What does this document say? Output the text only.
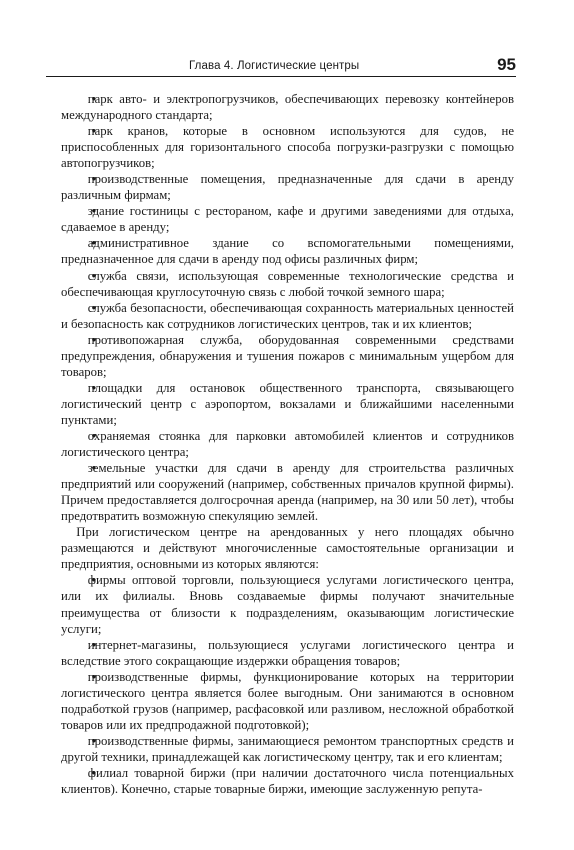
Глава 4. Логистические центры	95

• парк авто- и электропогрузчиков, обеспечивающих перевозку контейнеров международного стандарта;

• парк кранов, которые в основном используются для судов, не приспособленных для горизонтального способа погрузки-разгрузки с помощью автопогрузчиков;

• производственные помещения, предназначенные для сдачи в аренду различным фирмам;

• здание гостиницы с рестораном, кафе и другими заведениями для отдыха, сдаваемое в аренду;

• административное здание со вспомогательными помещениями, предназначенное для сдачи в аренду под офисы различных фирм;

• служба связи, использующая современные технологические средства и обеспечивающая круглосуточную связь с любой точкой земного шара;

• служба безопасности, обеспечивающая сохранность материальных ценностей и безопасность как сотрудников логистических центров, так и их клиентов;

• противопожарная служба, оборудованная современными средствами предупреждения, обнаружения и тушения пожаров с минимальным ущербом для товаров;

• площадки для остановок общественного транспорта, связывающего логистический центр с аэропортом, вокзалами и ближайшими населенными пунктами;

• охраняемая стоянка для парковки автомобилей клиентов и сотрудников логистического центра;

• земельные участки для сдачи в аренду для строительства различных предприятий или сооружений (например, собственных причалов крупной фирмы). Причем предоставляется долгосрочная аренда (например, на 30 или 50 лет), чтобы предотвратить возможную спекуляцию землей.

При логистическом центре на арендованных у него площадях обычно размещаются и действуют многочисленные самостоятельные организации и предприятия, основными из которых являются:

• фирмы оптовой торговли, пользующиеся услугами логистического центра, или их филиалы. Вновь создаваемые фирмы получают значительные преимущества от близости к подразделениям, оказывающим логистические услуги;

• интернет-магазины, пользующиеся услугами логистического центра и вследствие этого сокращающие издержки обращения товаров;

• производственные фирмы, функционирование которых на территории логистического центра является более выгодным. Они занимаются в основном подработкой грузов (например, расфасовкой или разливом, несложной обработкой товаров или их предпродажной подготовкой);

• производственные фирмы, занимающиеся ремонтом транспортных средств и другой техники, принадлежащей как логистическому центру, так и его клиентам;

• филиал товарной биржи (при наличии достаточного числа потенциальных клиентов). Конечно, старые товарные биржи, имеющие заслуженную репута-
